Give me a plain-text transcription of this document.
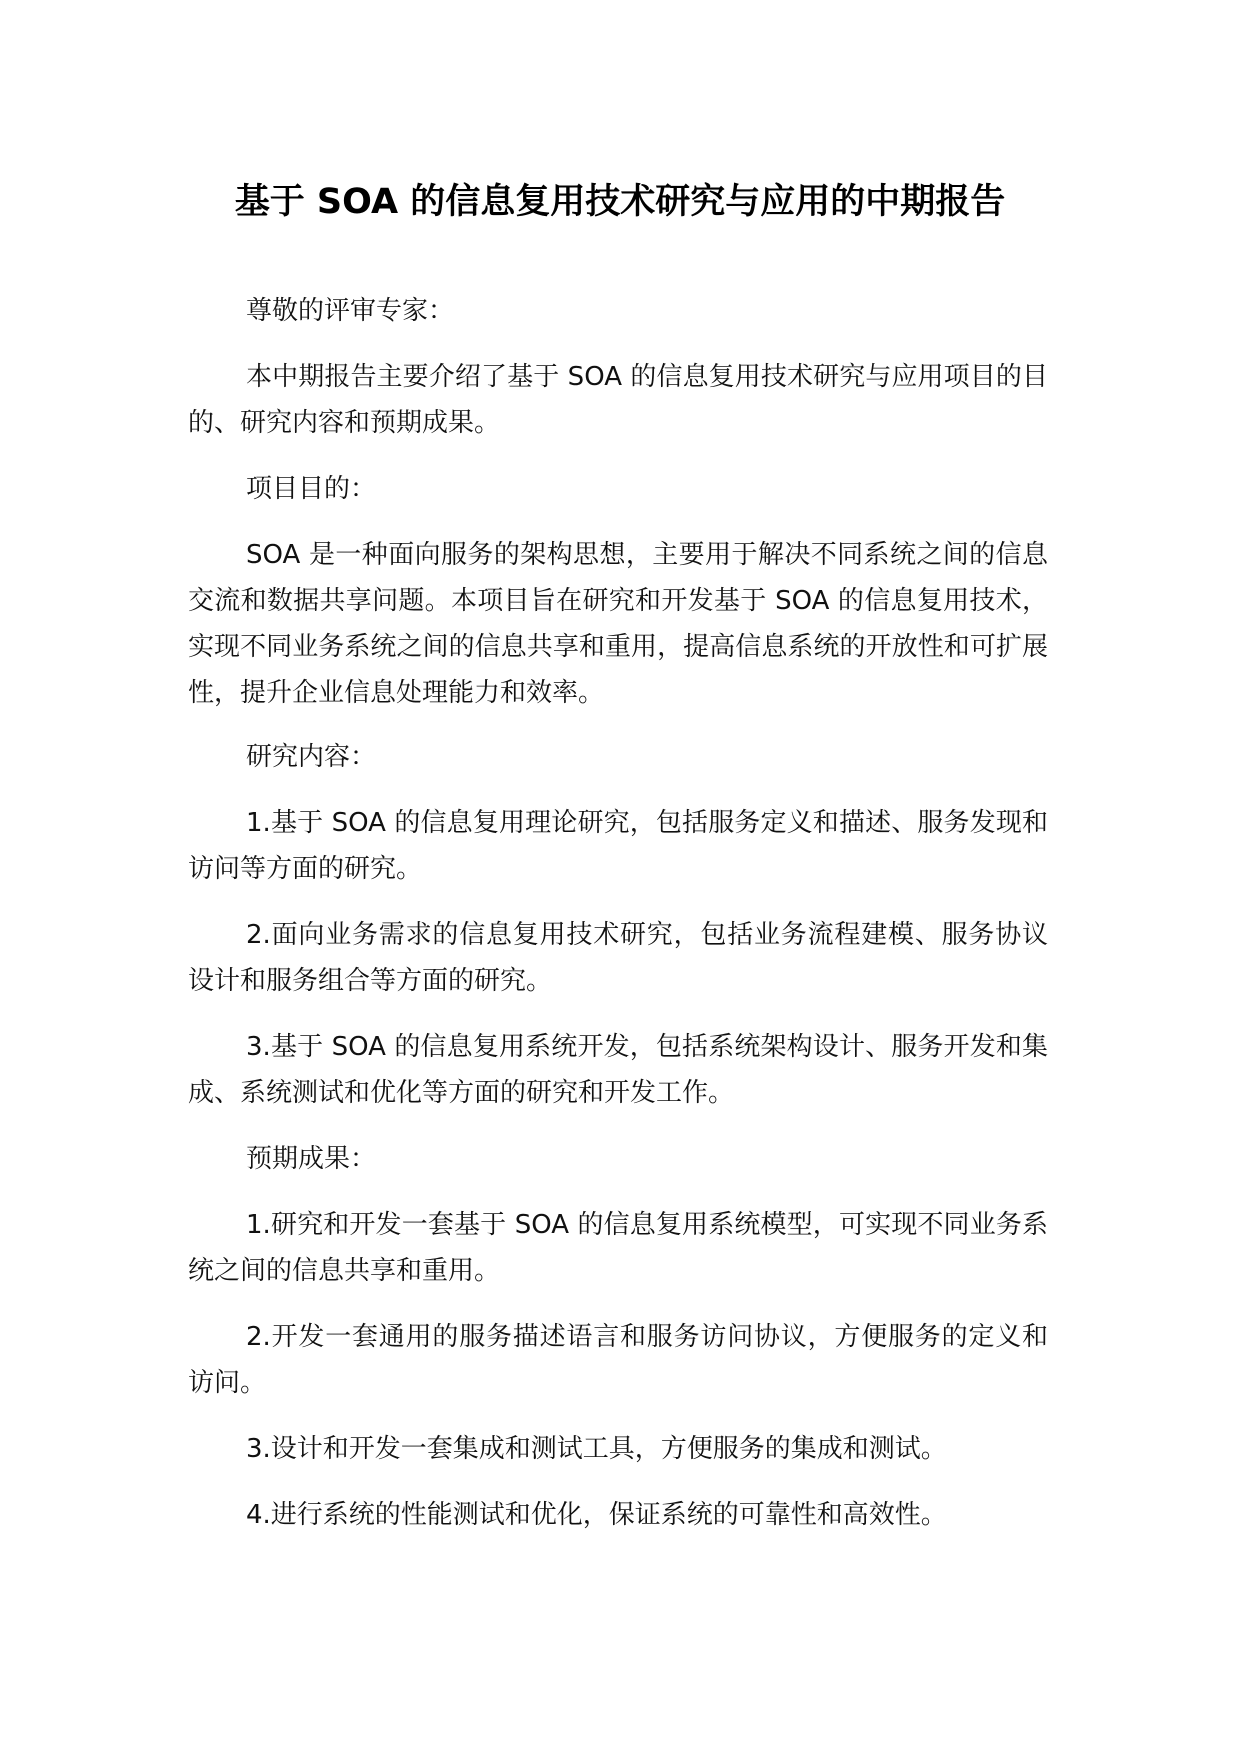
基于 SOA 的信息复用技术研究与应用的中期报告

尊敬的评审专家：

本中期报告主要介绍了基于 SOA 的信息复用技术研究与应用项目的目的、研究内容和预期成果。

项目目的：

SOA 是一种面向服务的架构思想，主要用于解决不同系统之间的信息交流和数据共享问题。本项目旨在研究和开发基于 SOA 的信息复用技术，实现不同业务系统之间的信息共享和重用，提高信息系统的开放性和可扩展性，提升企业信息处理能力和效率。

研究内容：

1.基于 SOA 的信息复用理论研究，包括服务定义和描述、服务发现和访问等方面的研究。

2.面向业务需求的信息复用技术研究，包括业务流程建模、服务协议设计和服务组合等方面的研究。

3.基于 SOA 的信息复用系统开发，包括系统架构设计、服务开发和集成、系统测试和优化等方面的研究和开发工作。

预期成果：

1.研究和开发一套基于 SOA 的信息复用系统模型，可实现不同业务系统之间的信息共享和重用。

2.开发一套通用的服务描述语言和服务访问协议，方便服务的定义和访问。

3.设计和开发一套集成和测试工具，方便服务的集成和测试。

4.进行系统的性能测试和优化，保证系统的可靠性和高效性。
